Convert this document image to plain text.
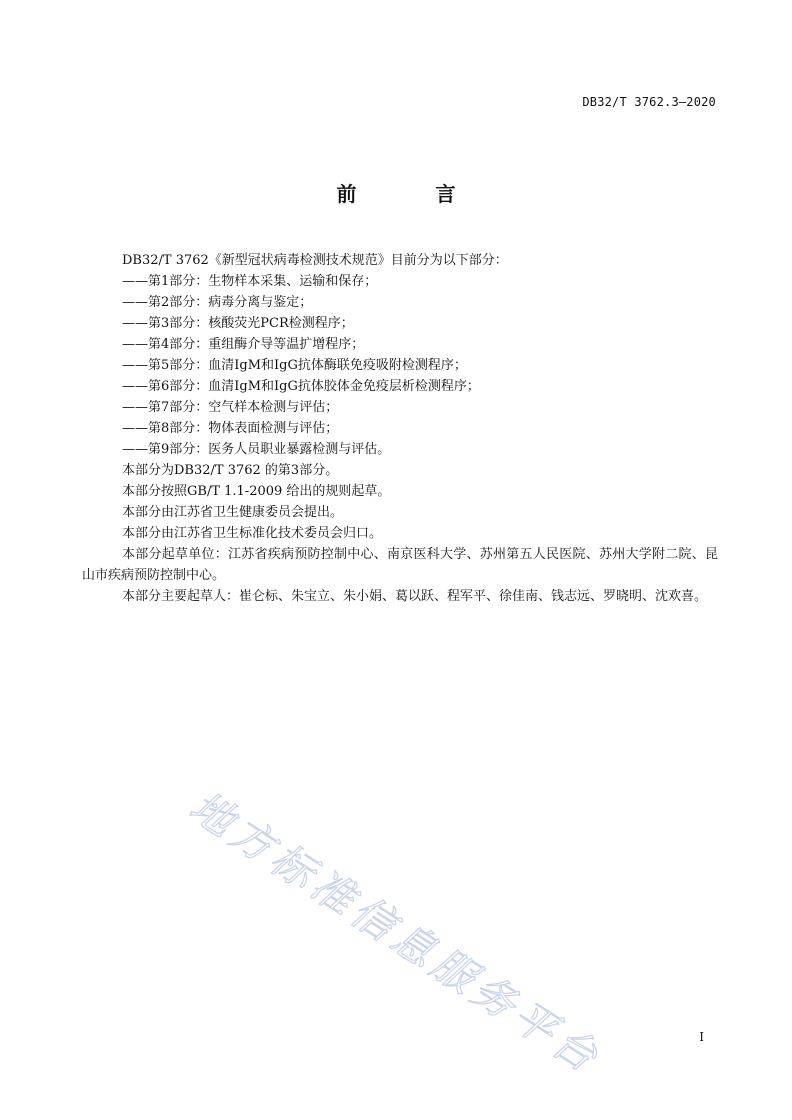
DB32/T 3762.3—2020
前 言

DB32/T 3762《新型冠状病毒检测技术规范》目前分为以下部分：

——第1部分：生物样本采集、运输和保存；

——第2部分：病毒分离与鉴定；

——第3部分：核酸荧光PCR检测程序；

——第4部分：重组酶介导等温扩增程序；

——第5部分：血清IgM和IgG抗体酶联免疫吸附检测程序；

——第6部分：血清IgM和IgG抗体胶体金免疫层析检测程序；

——第7部分：空气样本检测与评估；

——第8部分：物体表面检测与评估；

——第9部分：医务人员职业暴露检测与评估。

本部分为DB32/T 3762 的第3部分。

本部分按照GB/T 1.1-2009 给出的规则起草。

本部分由江苏省卫生健康委员会提出。

本部分由江苏省卫生标准化技术委员会归口。

本部分起草单位：江苏省疾病预防控制中心、南京医科大学、苏州第五人民医院、苏州大学附二院、昆山市疾病预防控制中心。

本部分主要起草人：崔仑标、朱宝立、朱小娟、葛以跃、程军平、徐佳南、钱志远、罗晓明、沈欢喜。

地方标准信息服务平台	I
